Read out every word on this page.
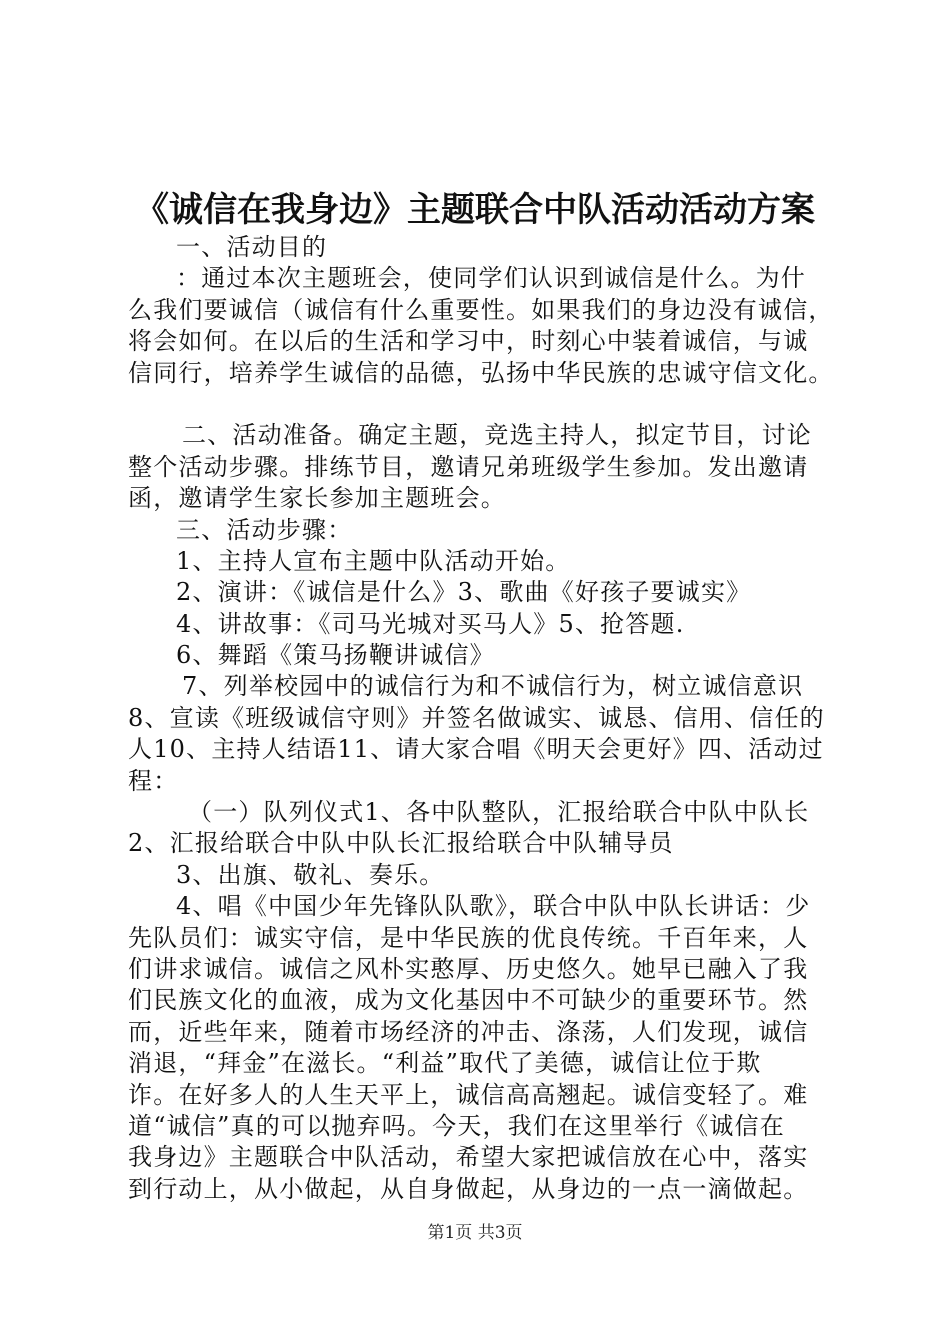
《诚信在我身边》主题联合中队活动活动方案
一、活动目的
：通过本次主题班会，使同学们认识到诚信是什么。为什
么我们要诚信（诚信有什么重要性。如果我们的身边没有诚信，
将会如何。在以后的生活和学习中，时刻心中装着诚信，与诚
信同行，培养学生诚信的品德，弘扬中华民族的忠诚守信文化。
二、活动准备。确定主题，竞选主持人，拟定节目，讨论
整个活动步骤。排练节目，邀请兄弟班级学生参加。发出邀请
函，邀请学生家长参加主题班会。
三、活动步骤：
1、主持人宣布主题中队活动开始。
2、演讲：《诚信是什么》3、歌曲《好孩子要诚实》
4、讲故事：《司马光城对买马人》5、抢答题.
6、舞蹈《策马扬鞭讲诚信》
7、列举校园中的诚信行为和不诚信行为，树立诚信意识
8、宣读《班级诚信守则》并签名做诚实、诚恳、信用、信任的
人10、主持人结语11、请大家合唱《明天会更好》四、活动过
程：
（一）队列仪式1、各中队整队，汇报给联合中队中队长
2、汇报给联合中队中队长汇报给联合中队辅导员
3、出旗、敬礼、奏乐。
4、唱《中国少年先锋队队歌》，联合中队中队长讲话：少
先队员们：诚实守信，是中华民族的优良传统。千百年来，人
们讲求诚信。诚信之风朴实憨厚、历史悠久。她早已融入了我
们民族文化的血液，成为文化基因中不可缺少的重要环节。然
而，近些年来，随着市场经济的冲击、涤荡，人们发现，诚信
消退，“拜金”在滋长。“利益”取代了美德，诚信让位于欺
诈。在好多人的人生天平上，诚信高高翘起。诚信变轻了。难
道“诚信”真的可以抛弃吗。今天，我们在这里举行《诚信在
我身边》主题联合中队活动，希望大家把诚信放在心中，落实
到行动上，从小做起，从自身做起，从身边的一点一滴做起。
第1页 共3页
